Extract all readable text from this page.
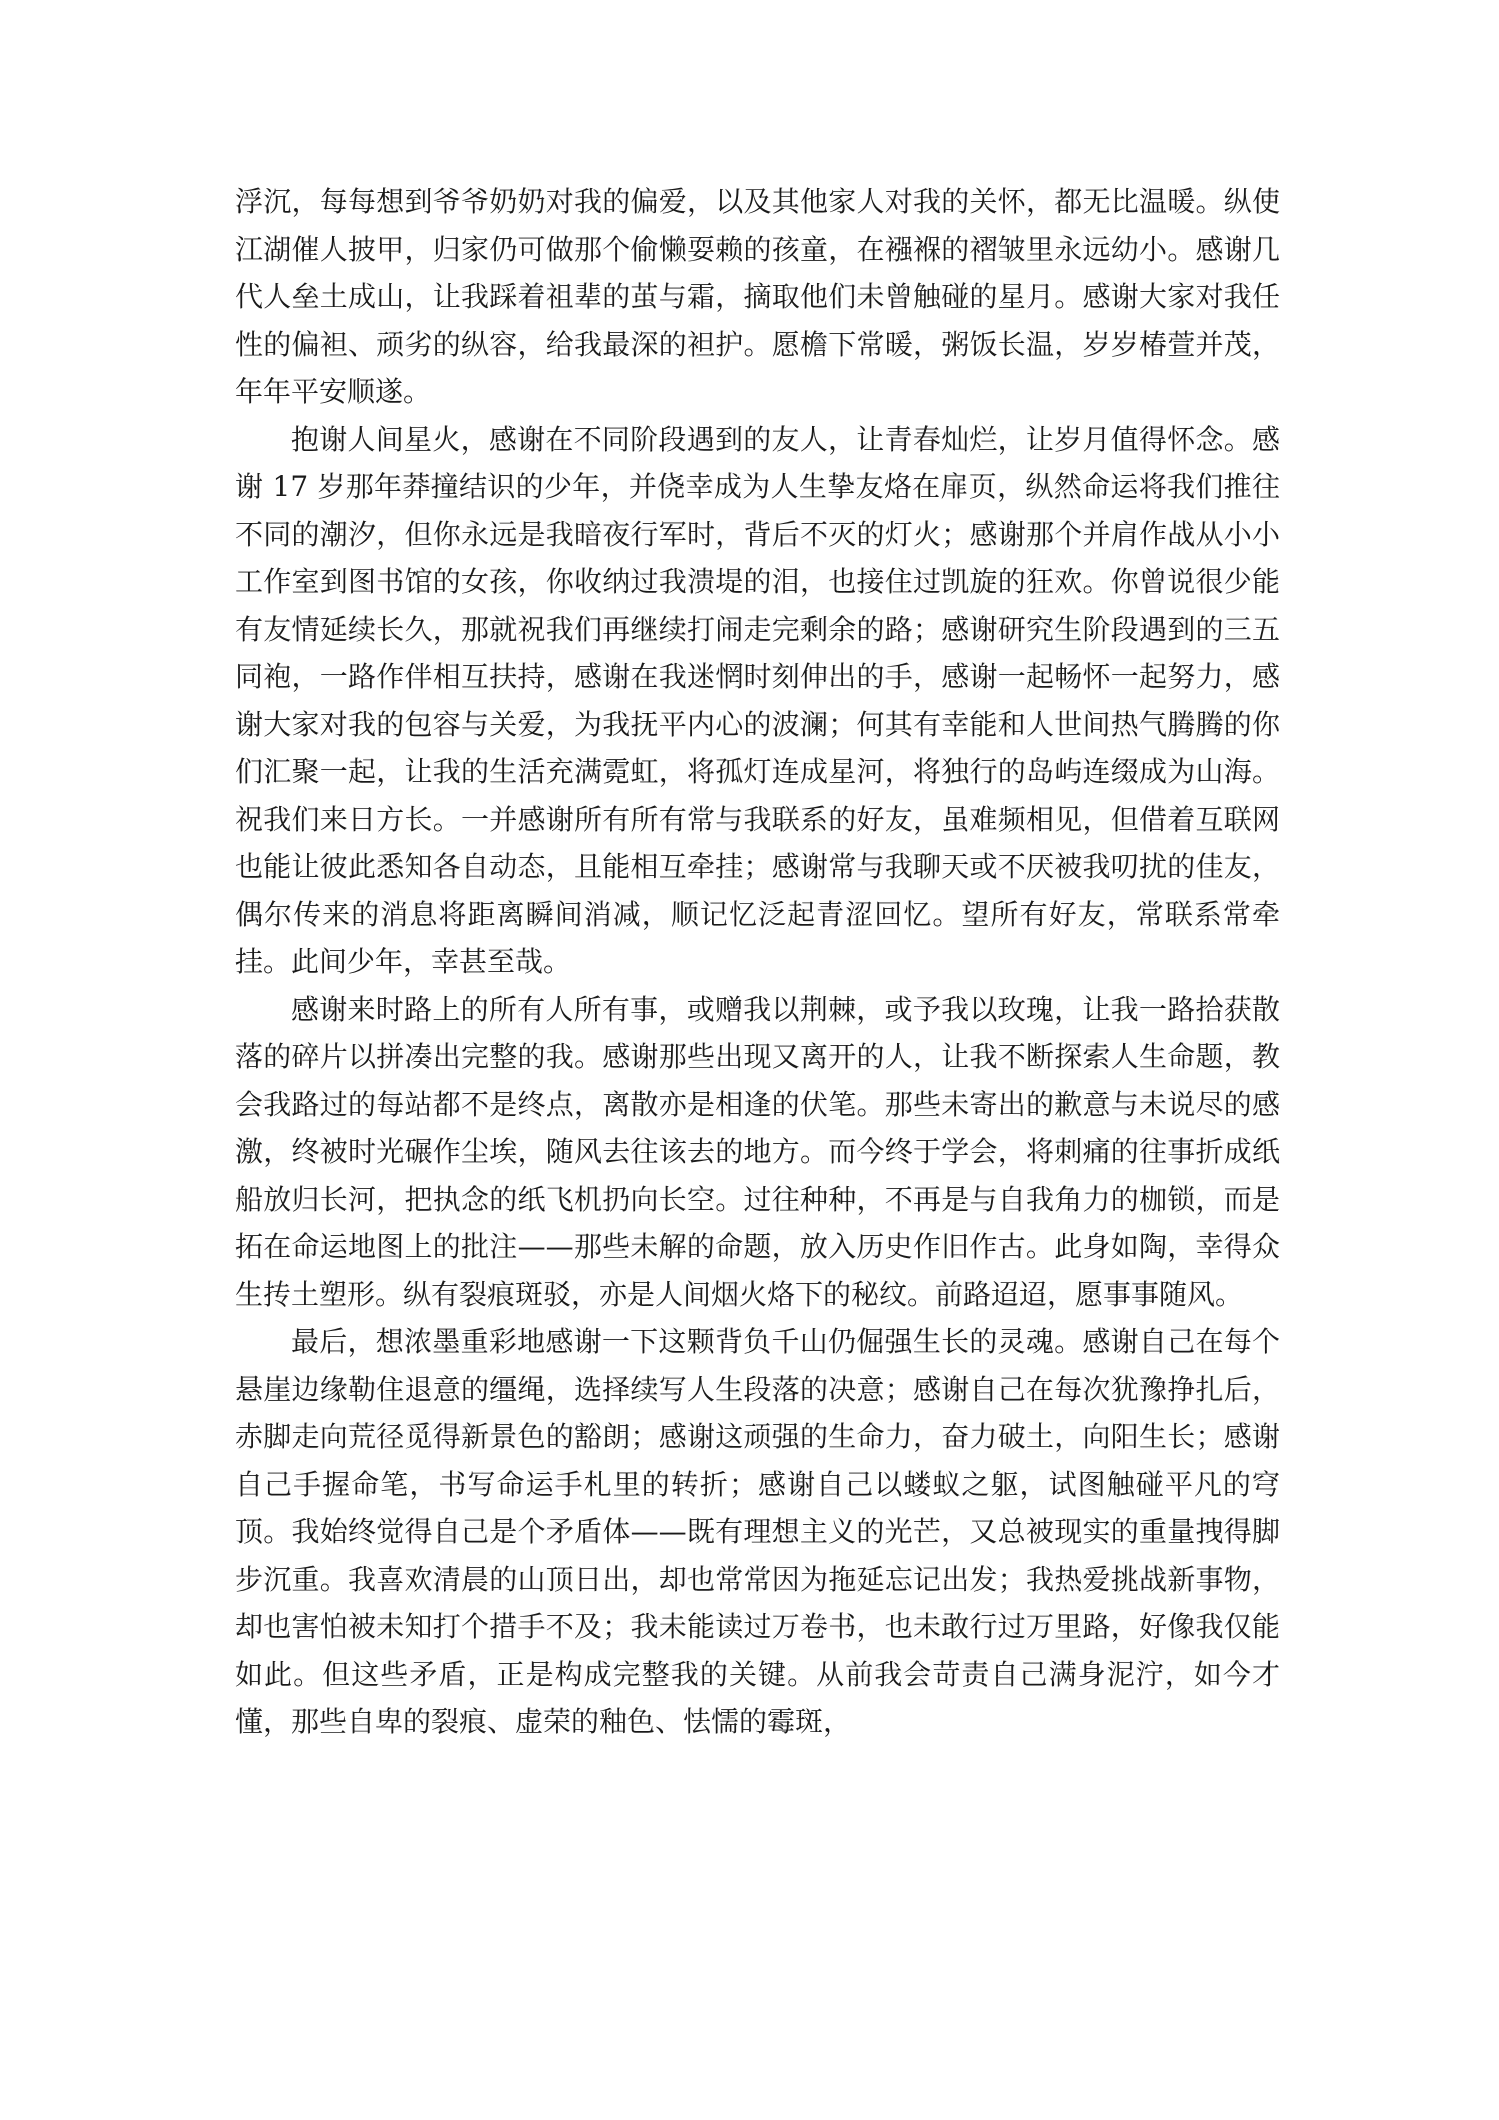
浮沉，每每想到爷爷奶奶对我的偏爱，以及其他家人对我的关怀，都无比温暖。纵使江湖催人披甲，归家仍可做那个偷懒耍赖的孩童，在襁褓的褶皱里永远幼小。感谢几代人垒土成山，让我踩着祖辈的茧与霜，摘取他们未曾触碰的星月。感谢大家对我任性的偏袒、顽劣的纵容，给我最深的袒护。愿檐下常暖，粥饭长温，岁岁椿萱并茂，年年平安顺遂。

抱谢人间星火，感谢在不同阶段遇到的友人，让青春灿烂，让岁月值得怀念。感谢 17 岁那年莽撞结识的少年，并侥幸成为人生挚友烙在扉页，纵然命运将我们推往不同的潮汐，但你永远是我暗夜行军时，背后不灭的灯火；感谢那个并肩作战从小小工作室到图书馆的女孩，你收纳过我溃堤的泪，也接住过凯旋的狂欢。你曾说很少能有友情延续长久，那就祝我们再继续打闹走完剩余的路；感谢研究生阶段遇到的三五同袍，一路作伴相互扶持，感谢在我迷惘时刻伸出的手，感谢一起畅怀一起努力，感谢大家对我的包容与关爱，为我抚平内心的波澜；何其有幸能和人世间热气腾腾的你们汇聚一起，让我的生活充满霓虹，将孤灯连成星河，将独行的岛屿连缀成为山海。祝我们来日方长。一并感谢所有所有常与我联系的好友，虽难频相见，但借着互联网也能让彼此悉知各自动态，且能相互牵挂；感谢常与我聊天或不厌被我叨扰的佳友，偶尔传来的消息将距离瞬间消减，顺记忆泛起青涩回忆。望所有好友，常联系常牵挂。此间少年，幸甚至哉。

感谢来时路上的所有人所有事，或赠我以荆棘，或予我以玫瑰，让我一路拾获散落的碎片以拼凑出完整的我。感谢那些出现又离开的人，让我不断探索人生命题，教会我路过的每站都不是终点，离散亦是相逢的伏笔。那些未寄出的歉意与未说尽的感激，终被时光碾作尘埃，随风去往该去的地方。而今终于学会，将刺痛的往事折成纸船放归长河，把执念的纸飞机扔向长空。过往种种，不再是与自我角力的枷锁，而是拓在命运地图上的批注——那些未解的命题，放入历史作旧作古。此身如陶，幸得众生抟土塑形。纵有裂痕斑驳，亦是人间烟火烙下的秘纹。前路迢迢，愿事事随风。

最后，想浓墨重彩地感谢一下这颗背负千山仍倔强生长的灵魂。感谢自己在每个悬崖边缘勒住退意的缰绳，选择续写人生段落的决意；感谢自己在每次犹豫挣扎后，赤脚走向荒径觅得新景色的豁朗；感谢这顽强的生命力，奋力破土，向阳生长；感谢自己手握命笔，书写命运手札里的转折；感谢自己以蝼蚁之躯，试图触碰平凡的穹顶。我始终觉得自己是个矛盾体——既有理想主义的光芒，又总被现实的重量拽得脚步沉重。我喜欢清晨的山顶日出，却也常常因为拖延忘记出发；我热爱挑战新事物，却也害怕被未知打个措手不及；我未能读过万卷书，也未敢行过万里路，好像我仅能如此。但这些矛盾，正是构成完整我的关键。从前我会苛责自己满身泥泞，如今才懂，那些自卑的裂痕、虚荣的釉色、怯懦的霉斑，
